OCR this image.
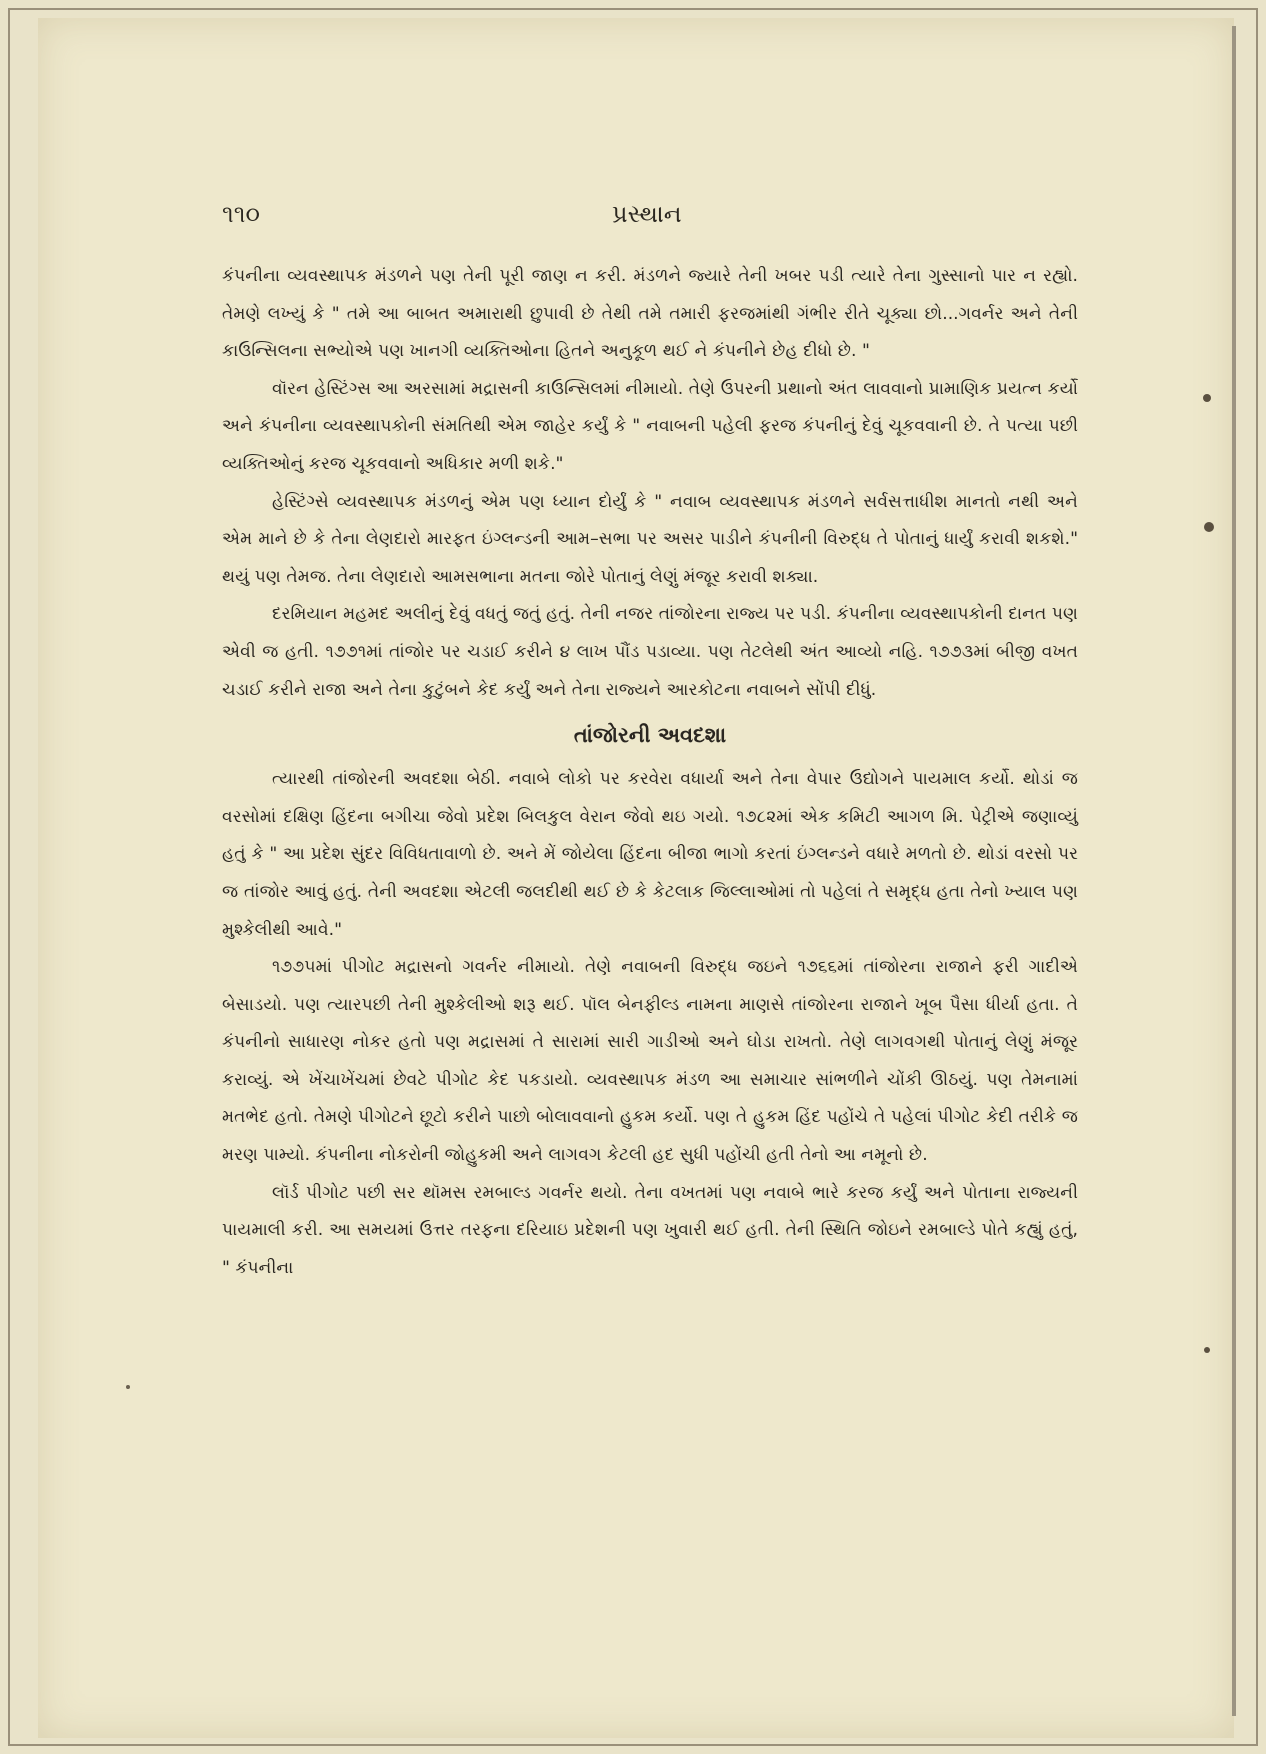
૧૧૦	પ્રસ્થાન

કંપનીના વ્યવસ્થાપક મંડળને પણ તેની પૂરી જાણ ન કરી. મંડળને જ્યારે તેની ખબર પડી ત્યારે તેના ગુસ્સાનો પાર ન રહ્યો. તેમણે લખ્યું કે " તમે આ બાબત અમારાથી છુપાવી છે તેથી તમે તમારી ફરજમાંથી ગંભીર રીતે ચૂક્યા છો...ગવર્નર અને તેની કાઉન્સિલના સભ્યોએ પણ ખાનગી વ્યક્તિઓના હિતને અનુકૂળ થઈ ને કંપનીને છેહ દીધો છે. "

વૉરન હેસ્ટિંગ્સ આ અરસામાં મદ્રાસની કાઉન્સિલમાં નીમાયો. તેણે ઉપરની પ્રથાનો અંત લાવવાનો પ્રામાણિક પ્રયત્ન કર્યો અને કંપનીના વ્યવસ્થાપકોની સંમતિથી એમ જાહેર કર્યું કે " નવાબની પહેલી ફરજ કંપનીનું દેવું ચૂકવવાની છે. તે પત્યા પછી વ્યક્તિઓનું કરજ ચૂકવવાનો અધિકાર મળી શકે."

હેસ્ટિંગ્સે વ્યવસ્થાપક મંડળનું એમ પણ ધ્યાન દોર્યું કે " નવાબ વ્યવસ્થાપક મંડળને સર્વસત્તાધીશ માનતો નથી અને એમ માને છે કે તેના લેણદારો મારફત ઇંગ્લન્ડની આમ–સભા પર અસર પાડીને કંપનીની વિરુદ્ધ તે પોતાનું ધાર્યું કરાવી શકશે." થયું પણ તેમજ. તેના લેણદારો આમસભાના મતના જોરે પોતાનું લેણું મંજૂર કરાવી શક્યા.

દરમિયાન મહમદ અલીનું દેવું વધતું જતું હતું. તેની નજર તાંજોરના રાજ્ય પર પડી. કંપનીના વ્યવસ્થાપકોની દાનત પણ એવી જ હતી. ૧૭૭૧માં તાંજોર પર ચડાઈ કરીને ૪ લાખ પૌંડ પડાવ્યા. પણ તેટલેથી અંત આવ્યો નહિ. ૧૭૭૩માં બીજી વખત ચડાઈ કરીને રાજા અને તેના કુટુંબને કેદ કર્યું અને તેના રાજ્યને આરકોટના નવાબને સોંપી દીધું.

તાંજોરની અવદશા

ત્યારથી તાંજોરની અવદશા બેઠી. નવાબે લોકો પર કરવેરા વધાર્યા અને તેના વેપાર ઉદ્યોગને પાયમાલ કર્યો. થોડાં જ વરસોમાં દક્ષિણ હિંદના બગીચા જેવો પ્રદેશ બિલકુલ વેરાન જેવો થઇ ગયો. ૧૭૮૨માં એક કમિટી આગળ મિ. પેટ્રીએ જણાવ્યું હતું કે " આ પ્રદેશ સુંદર વિવિધતાવાળો છે. અને મેં જોયેલા હિંદના બીજા ભાગો કરતાં ઇંગ્લન્ડને વધારે મળતો છે. થોડાં વરસો પર જ તાંજોર આવું હતું. તેની અવદશા એટલી જલદીથી થઈ છે કે કેટલાક જિલ્લાઓમાં તો પહેલાં તે સમૃદ્ધ હતા તેનો ખ્યાલ પણ મુશ્કેલીથી આવે."

૧૭૭૫માં પીગોટ મદ્રાસનો ગવર્નર નીમાયો. તેણે નવાબની વિરુદ્ધ જઇને ૧૭૬૬માં તાંજોરના રાજાને ફરી ગાદીએ બેસાડયો. પણ ત્યારપછી તેની મુશ્કેલીઓ શરૂ થઈ. પૉલ બેનફીલ્ડ નામના માણસે તાંજોરના રાજાને ખૂબ પૈસા ધીર્યા હતા. તે કંપનીનો સાધારણ નોકર હતો પણ મદ્રાસમાં તે સારામાં સારી ગાડીઓ અને ઘોડા રાખતો. તેણે લાગવગથી પોતાનું લેણું મંજૂર કરાવ્યું. એ ખેંચાખેંચમાં છેવટે પીગોટ કેદ પકડાયો. વ્યવસ્થાપક મંડળ આ સમાચાર સાંભળીને ચોંકી ઊઠયું. પણ તેમનામાં મતભેદ હતો. તેમણે પીગોટને છૂટો કરીને પાછો બોલાવવાનો હુકમ કર્યો. પણ તે હુકમ હિંદ પહોંચે તે પહેલાં પીગોટ કેદી તરીકે જ મરણ પામ્યો. કંપનીના નોકરોની જોહુકમી અને લાગવગ કેટલી હદ સુધી પહોંચી હતી તેનો આ નમૂનો છે.

લૉર્ડ પીગોટ પછી સર થૉમસ રમબાલ્ડ ગવર્નર થયો. તેના વખતમાં પણ નવાબે ભારે કરજ કર્યું અને પોતાના રાજ્યની પાયમાલી કરી. આ સમયમાં ઉત્તર તરફના દરિયાઇ પ્રદેશની પણ ખુવારી થઈ હતી. તેની સ્થિતિ જોઇને રમબાલ્ડે પોતે કહ્યું હતું, " કંપનીના
